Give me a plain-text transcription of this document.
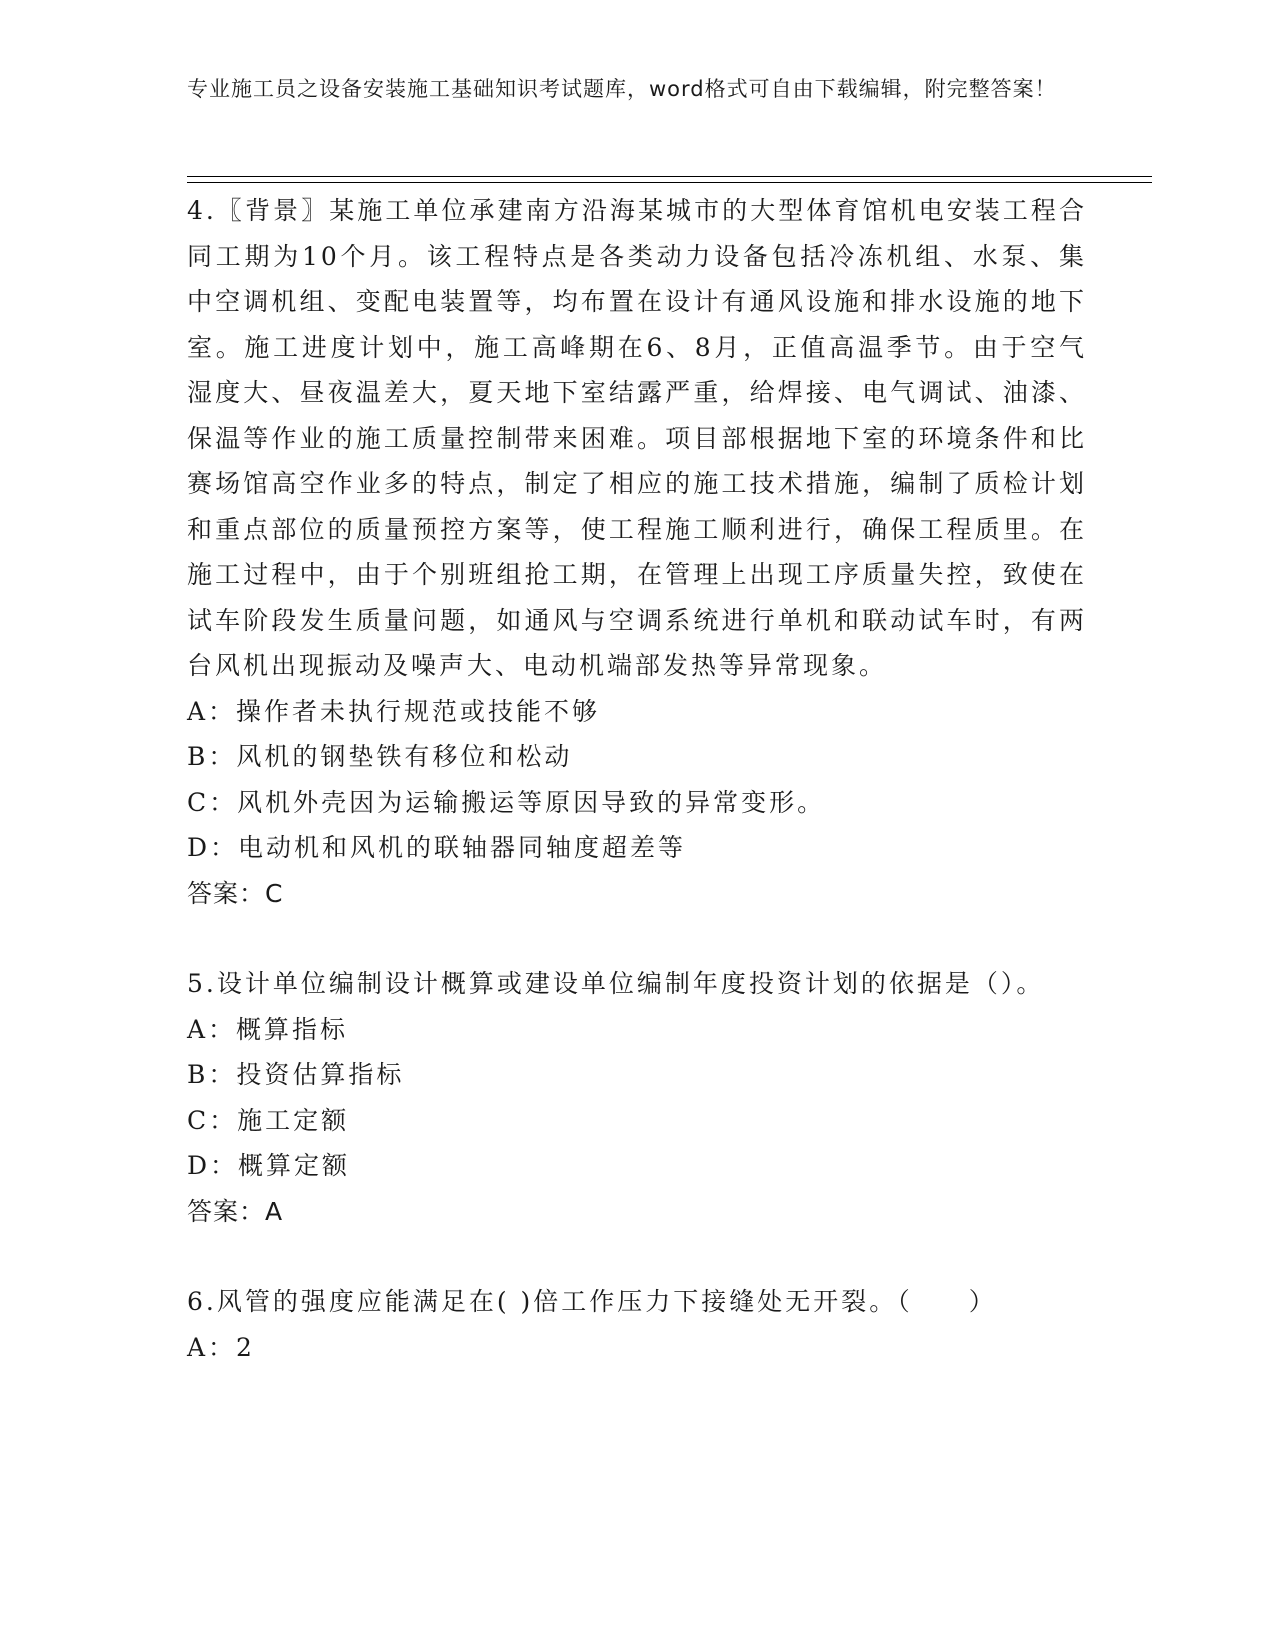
专业施工员之设备安装施工基础知识考试题库，word格式可自由下载编辑，附完整答案！

4.〖背景〗某施工单位承建南方沿海某城市的大型体育馆机电安装工程合同工期为10个月。该工程特点是各类动力设备包括冷冻机组、水泵、集中空调机组、变配电装置等，均布置在设计有通风设施和排水设施的地下室。施工进度计划中，施工高峰期在6、8月，正值高温季节。由于空气湿度大、昼夜温差大，夏天地下室结露严重，给焊接、电气调试、油漆、保温等作业的施工质量控制带来困难。项目部根据地下室的环境条件和比赛场馆高空作业多的特点，制定了相应的施工技术措施，编制了质检计划和重点部位的质量预控方案等，使工程施工顺利进行，确保工程质里。在施工过程中，由于个别班组抢工期，在管理上出现工序质量失控，致使在试车阶段发生质量问题，如通风与空调系统进行单机和联动试车时，有两台风机出现振动及噪声大、电动机端部发热等异常现象。

A：操作者未执行规范或技能不够

B：风机的钢垫铁有移位和松动

C：风机外壳因为运输搬运等原因导致的异常变形。

D：电动机和风机的联轴器同轴度超差等

答案：C

5.设计单位编制设计概算或建设单位编制年度投资计划的依据是（）。

A：概算指标

B：投资估算指标

C：施工定额

D：概算定额

答案：A

6.风管的强度应能满足在( )倍工作压力下接缝处无开裂。（　　）

A：2
